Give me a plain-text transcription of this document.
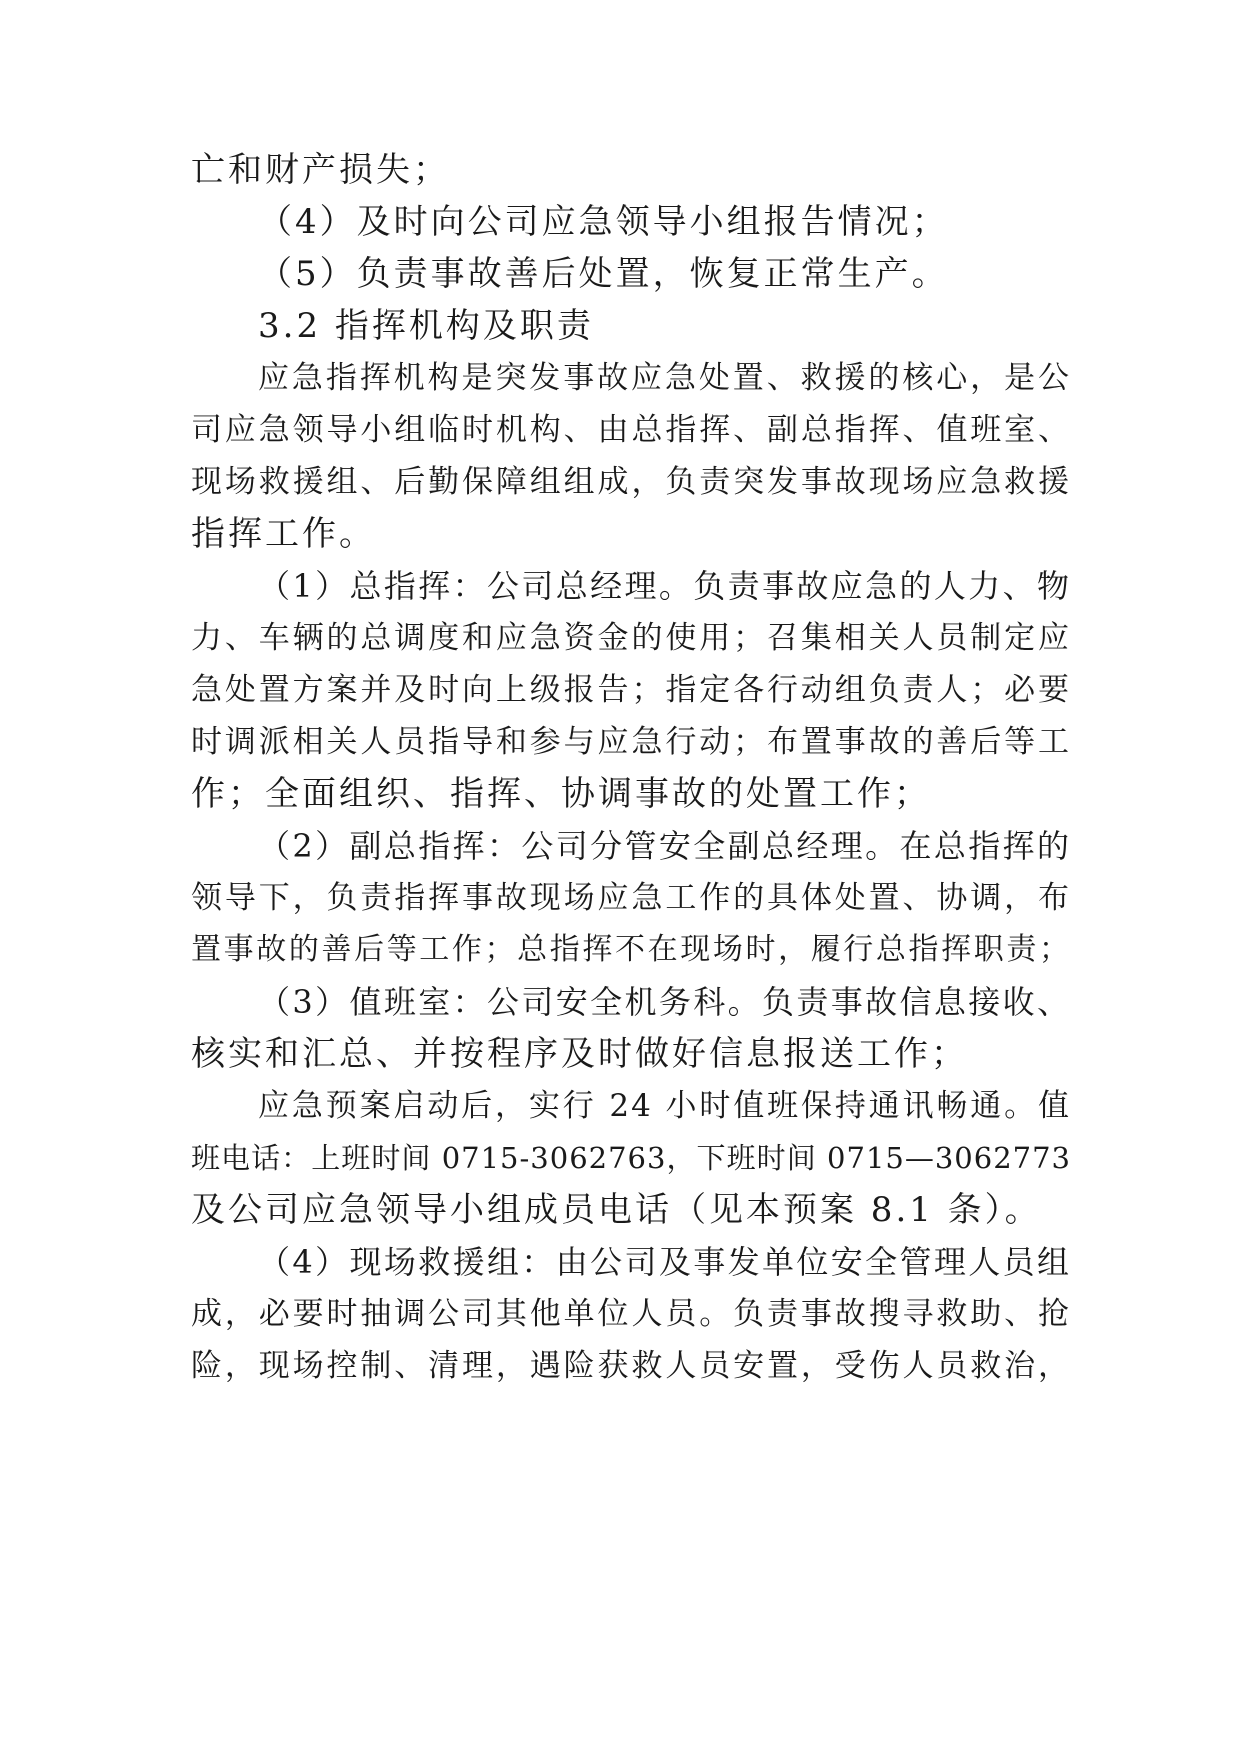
亡和财产损失；
（4）及时向公司应急领导小组报告情况；
（5）负责事故善后处置，恢复正常生产。
3.2 指挥机构及职责
应急指挥机构是突发事故应急处置、救援的核心，是公
司应急领导小组临时机构、由总指挥、副总指挥、值班室、
现场救援组、后勤保障组组成，负责突发事故现场应急救援
指挥工作。
（1）总指挥：公司总经理。负责事故应急的人力、物
力、车辆的总调度和应急资金的使用；召集相关人员制定应
急处置方案并及时向上级报告；指定各行动组负责人；必要
时调派相关人员指导和参与应急行动；布置事故的善后等工
作；全面组织、指挥、协调事故的处置工作；
（2）副总指挥：公司分管安全副总经理。在总指挥的
领导下，负责指挥事故现场应急工作的具体处置、协调，布
置事故的善后等工作；总指挥不在现场时，履行总指挥职责；
（3）值班室：公司安全机务科。负责事故信息接收、
核实和汇总、并按程序及时做好信息报送工作；
应急预案启动后，实行 24 小时值班保持通讯畅通。值
班电话：上班时间 0715-3062763，下班时间 0715—3062773
及公司应急领导小组成员电话（见本预案 8.1 条）。
（4）现场救援组：由公司及事发单位安全管理人员组
成，必要时抽调公司其他单位人员。负责事故搜寻救助、抢
险，现场控制、清理，遇险获救人员安置，受伤人员救治，
